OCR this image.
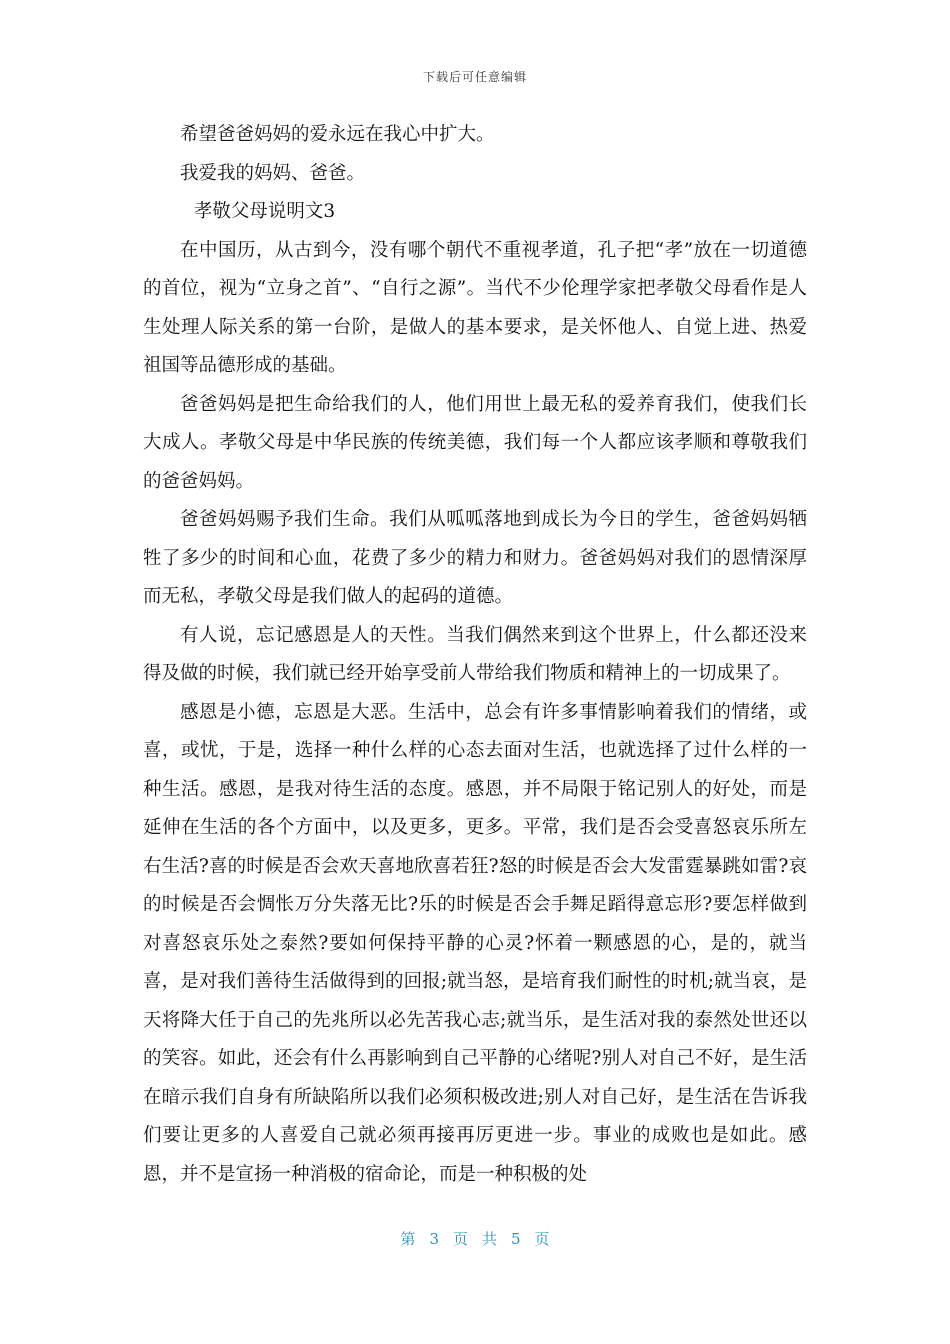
下载后可任意编辑
希望爸爸妈妈的爱永远在我心中扩大。
我爱我的妈妈、爸爸。
孝敬父母说明文3

在中国历，从古到今，没有哪个朝代不重视孝道，孔子把“孝”放在一切道德的首位，视为“立身之首”、“自行之源”。当代不少伦理学家把孝敬父母看作是人生处理人际关系的第一台阶，是做人的基本要求，是关怀他人、自觉上进、热爱祖国等品德形成的基础。

爸爸妈妈是把生命给我们的人，他们用世上最无私的爱养育我们，使我们长大成人。孝敬父母是中华民族的传统美德，我们每一个人都应该孝顺和尊敬我们的爸爸妈妈。

爸爸妈妈赐予我们生命。我们从呱呱落地到成长为今日的学生，爸爸妈妈牺牲了多少的时间和心血，花费了多少的精力和财力。爸爸妈妈对我们的恩情深厚而无私，孝敬父母是我们做人的起码的道德。

有人说，忘记感恩是人的天性。当我们偶然来到这个世界上，什么都还没来得及做的时候，我们就已经开始享受前人带给我们物质和精神上的一切成果了。

感恩是小德，忘恩是大恶。生活中，总会有许多事情影响着我们的情绪，或喜，或忧，于是，选择一种什么样的心态去面对生活，也就选择了过什么样的一种生活。感恩，是我对待生活的态度。感恩，并不局限于铭记别人的好处，而是延伸在生活的各个方面中，以及更多，更多。平常，我们是否会受喜怒哀乐所左右生活?喜的时候是否会欢天喜地欣喜若狂?怒的时候是否会大发雷霆暴跳如雷?哀的时候是否会惆怅万分失落无比?乐的时候是否会手舞足蹈得意忘形?要怎样做到对喜怒哀乐处之泰然?要如何保持平静的心灵?怀着一颗感恩的心，是的，就当喜，是对我们善待生活做得到的回报;就当怒，是培育我们耐性的时机;就当哀，是天将降大任于自己的先兆所以必先苦我心志;就当乐，是生活对我的泰然处世还以的笑容。如此，还会有什么再影响到自己平静的心绪呢?别人对自己不好，是生活在暗示我们自身有所缺陷所以我们必须积极改进;别人对自己好，是生活在告诉我们要让更多的人喜爱自己就必须再接再厉更进一步。事业的成败也是如此。感恩，并不是宣扬一种消极的宿命论，而是一种积极的处

第 3 页共5 页
